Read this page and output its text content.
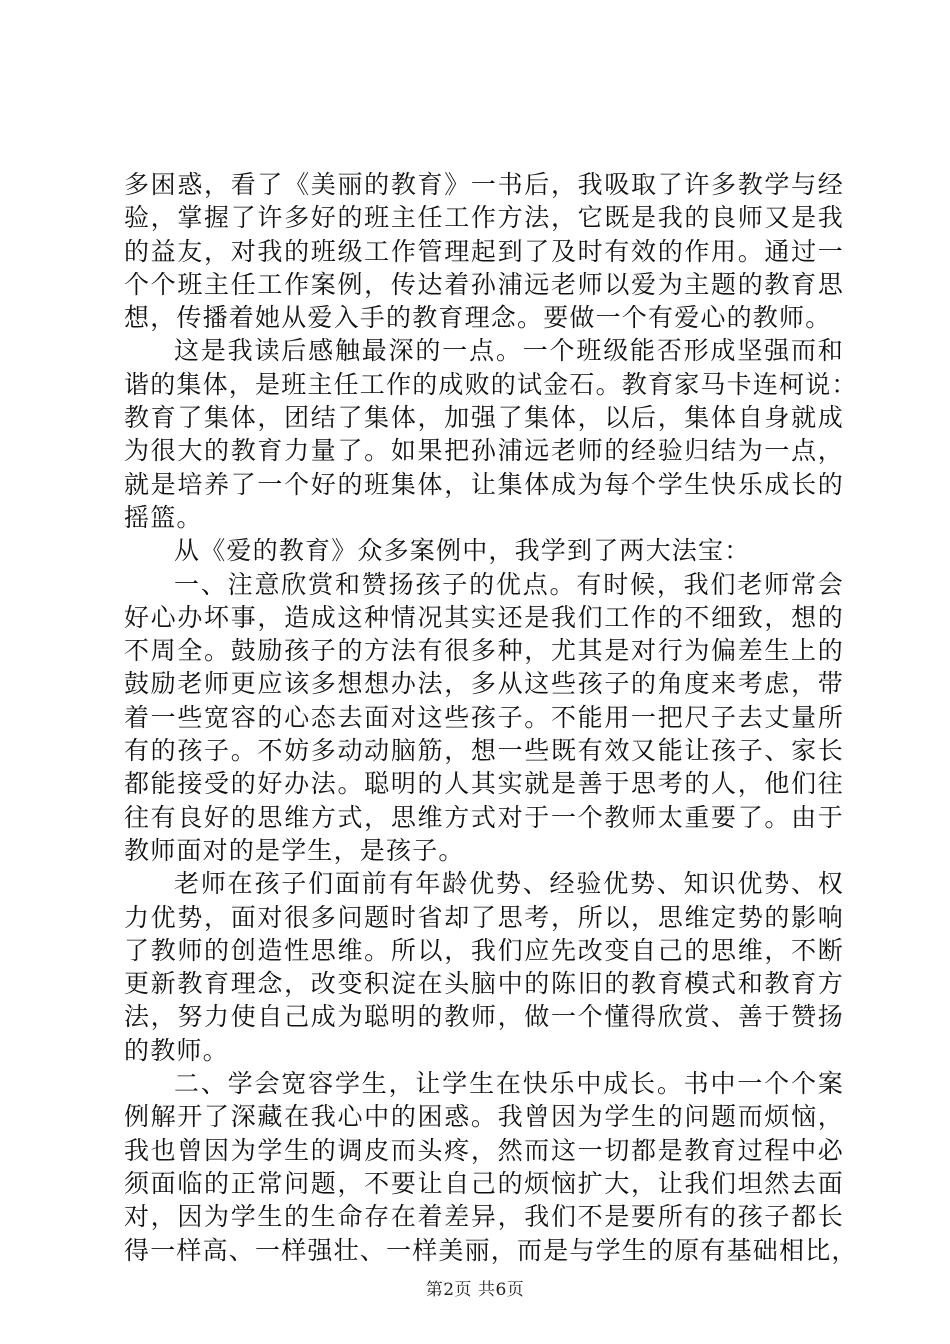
多困惑，看了《美丽的教育》一书后，我吸取了许多教学与经
验，掌握了许多好的班主任工作方法，它既是我的良师又是我
的益友，对我的班级工作管理起到了及时有效的作用。通过一
个个班主任工作案例，传达着孙浦远老师以爱为主题的教育思
想，传播着她从爱入手的教育理念。要做一个有爱心的教师。
这是我读后感触最深的一点。一个班级能否形成坚强而和
谐的集体，是班主任工作的成败的试金石。教育家马卡连柯说：
教育了集体，团结了集体，加强了集体，以后，集体自身就成
为很大的教育力量了。如果把孙浦远老师的经验归结为一点，
就是培养了一个好的班集体，让集体成为每个学生快乐成长的
摇篮。
从《爱的教育》众多案例中，我学到了两大法宝：
一、注意欣赏和赞扬孩子的优点。有时候，我们老师常会
好心办坏事，造成这种情况其实还是我们工作的不细致，想的
不周全。鼓励孩子的方法有很多种，尤其是对行为偏差生上的
鼓励老师更应该多想想办法，多从这些孩子的角度来考虑，带
着一些宽容的心态去面对这些孩子。不能用一把尺子去丈量所
有的孩子。不妨多动动脑筋，想一些既有效又能让孩子、家长
都能接受的好办法。聪明的人其实就是善于思考的人，他们往
往有良好的思维方式，思维方式对于一个教师太重要了。由于
教师面对的是学生，是孩子。
老师在孩子们面前有年龄优势、经验优势、知识优势、权
力优势，面对很多问题时省却了思考，所以，思维定势的影响
了教师的创造性思维。所以，我们应先改变自己的思维，不断
更新教育理念，改变积淀在头脑中的陈旧的教育模式和教育方
法，努力使自己成为聪明的教师，做一个懂得欣赏、善于赞扬
的教师。
二、学会宽容学生，让学生在快乐中成长。书中一个个案
例解开了深藏在我心中的困惑。我曾因为学生的问题而烦恼，
我也曾因为学生的调皮而头疼，然而这一切都是教育过程中必
须面临的正常问题，不要让自己的烦恼扩大，让我们坦然去面
对，因为学生的生命存在着差异，我们不是要所有的孩子都长
得一样高、一样强壮、一样美丽，而是与学生的原有基础相比，
第2页 共6页
